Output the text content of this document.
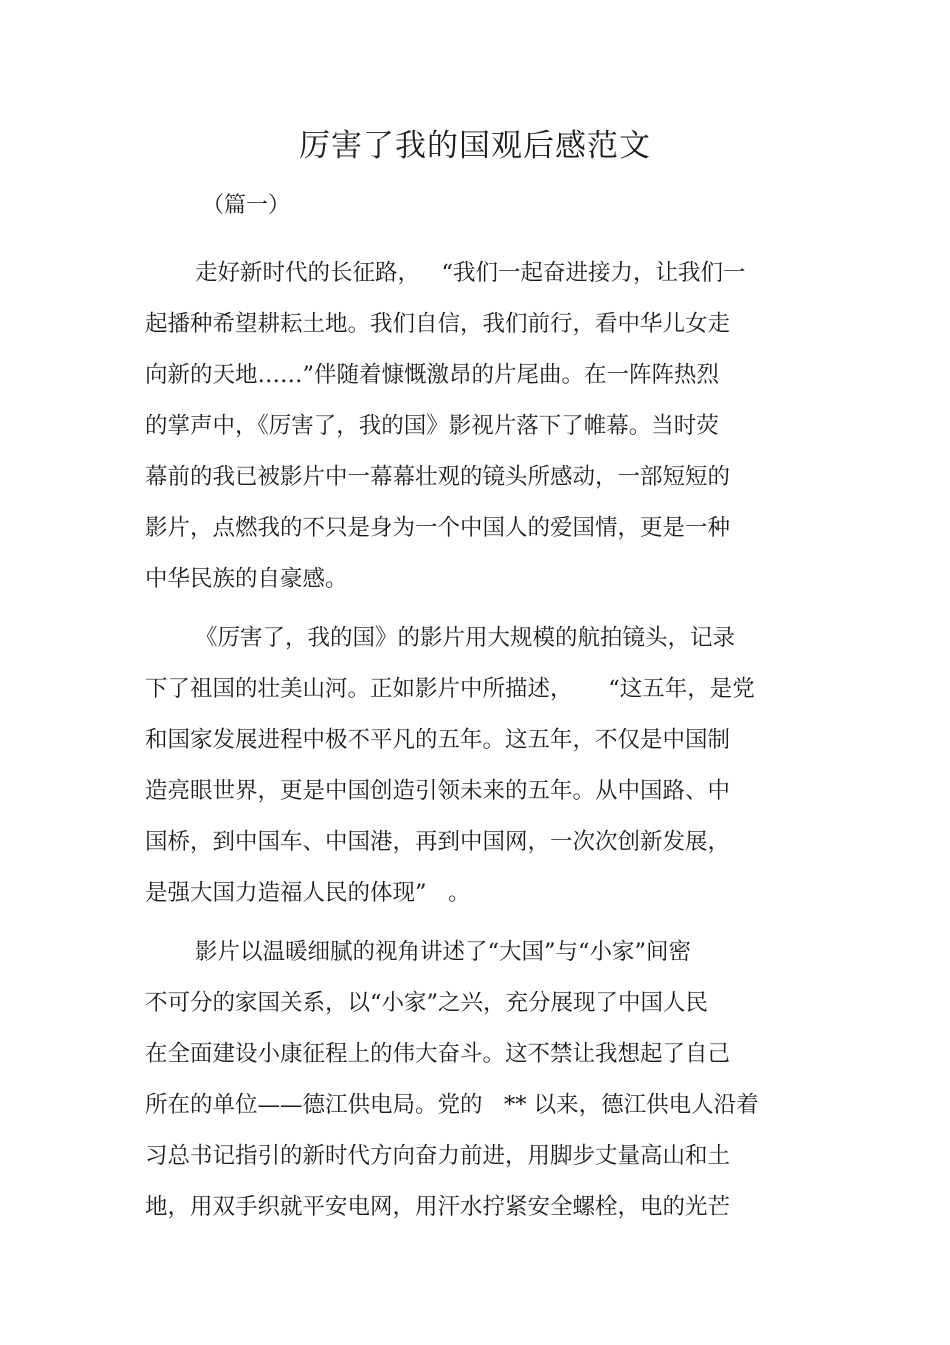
厉害了我的国观后感范文
（篇一）
走好新时代的长征路，   “我们一起奋进接力，让我们一
起播种希望耕耘土地。我们自信，我们前行，看中华儿女走
向新的天地……”伴随着慷慨激昂的片尾曲。在一阵阵热烈
的掌声中，《厉害了，我的国》影视片落下了帷幕。当时荧
幕前的我已被影片中一幕幕壮观的镜头所感动，一部短短的
影片，点燃我的不只是身为一个中国人的爱国情，更是一种
中华民族的自豪感。
《厉害了，我的国》的影片用大规模的航拍镜头，记录
下了祖国的壮美山河。正如影片中所描述，     “这五年，是党
和国家发展进程中极不平凡的五年。这五年，不仅是中国制
造亮眼世界，更是中国创造引领未来的五年。从中国路、中
国桥，到中国车、中国港，再到中国网，一次次创新发展，
是强大国力造福人民的体现”   。
影片以温暖细腻的视角讲述了“大国”与“小家”间密
不可分的家国关系，以“小家”之兴，充分展现了中国人民
在全面建设小康征程上的伟大奋斗。这不禁让我想起了自己
所在的单位——德江供电局。党的   ** 以来，德江供电人沿着
习总书记指引的新时代方向奋力前进，用脚步丈量高山和土
地，用双手织就平安电网，用汗水拧紧安全螺栓，电的光芒
